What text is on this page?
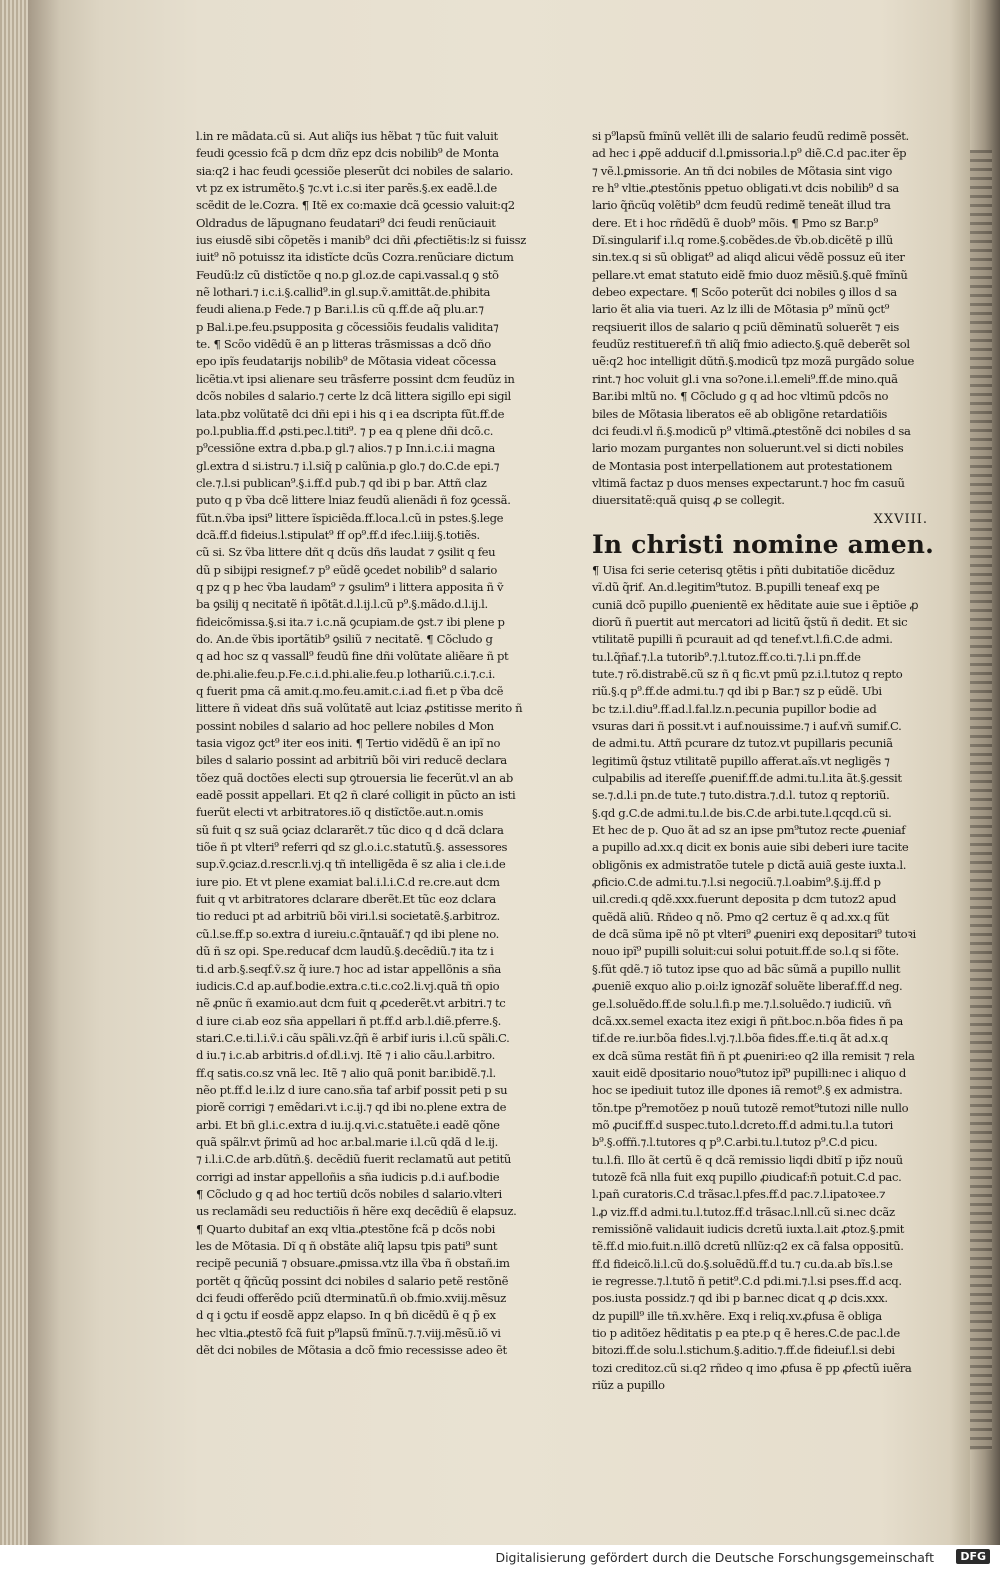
l.in re mãdata.cũ si. Aut aliq̃s ius hẽbat ⁊ tũc fuit valuit
feudi ꝯcessio fcã p dcm dñz epz dcis nobilib⁹ de Monta
sia:q2 i hac feudi ꝯcessiõe pleserũt dci nobiles de salario.
vt pz ex istrumẽto.§ ⁊c.vt i.c.si iter parẽs.§.ex eadẽ.l.de
scẽdit de le.Cozra. ¶ Itẽ ex co:maxie dcã ꝯcessio valuit:q2
Oldradus de lãpugnano feudatari⁹ dci feudi renũciauit
ius eiusdẽ sibi cõpetẽs i manib⁹ dci dñi ꝓfectiẽtis:lz si fuissz
iuit⁹ nõ potuissz ita idistĩcte dcũs Cozra.renũciare dictum
Feudũ:lz cũ distĩctõe q no.p gl.oz.de capi.vassal.q ꝯ stõ
nẽ lothari.⁊ i.c.i.§.callid⁹.in gl.sup.ṽ.amittãt.de.phibita
feudi aliena.p Fede.⁊ p Bar.i.l.is cũ q.ff.de aq̃ plu.ar.⁊
p Bal.i.pe.feu.psupposita g cõcessiõis feudalis validita⁊
te. ¶ Scõo vidẽdũ ẽ an p litteras trãsmissas a dcõ dño
epo ipĩs feudatarijs nobilib⁹ de Mõtasia videat cõcessa
licẽtia.vt ipsi alienare seu trãsferre possint dcm feudũz in
dcõs nobiles d salario.⁊ certe lz dcã littera sigillo epi sigil
lata.pbz volũtatẽ dci dñi epi i his q i ea dscripta fũt.ff.de
po.l.publia.ff.d ꝓsti.pec.l.titi⁹. ⁊ p ea q plene dñi dcõ.c.
p⁹cessiõne extra d.pba.p gl.⁊ alios.⁊ p Inn.i.c.i.i magna
gl.extra d si.istru.⁊ i.l.siq̃ p calũnia.p glo.⁊ do.C.de epi.⁊
cle.⁊.l.si publican⁹.§.i.ff.d pub.⁊ qd ibi p bar. Attñ claz
puto q p ṽba dcẽ littere lniaz feudũ alienãdi ñ foz ꝯcessã.
fũt.n.ṽba ipsi⁹ littere ĩspiciẽda.ff.loca.l.cũ in pstes.§.lege
dcã.ff.d fideius.l.stipulat⁹ ff op⁹.ff.d ifec.l.iiij.§.totiẽs.
cũ si. Sz ṽba littere dñt q dcũs dñs laudat ⁊ ꝯsilit q feu
dũ p sibijpi resignef.⁊ p⁹ eũdẽ ꝯcedet nobilib⁹ d salario
q pz q p hec ṽba laudam⁹ ⁊ ꝯsulim⁹ i littera apposita ñ ṽ
ba ꝯsilij q necitatẽ ñ ipõtãt.d.l.ij.l.cũ p⁹.§.mãdo.d.l.ij.l.
fideicõmissa.§.si ita.⁊ i.c.nã ꝯcupiam.de ꝯst.⁊ ibi plene p
do. An.de ṽbis iportãtib⁹ ꝯsiliũ ⁊ necitatẽ. ¶ Cõcludo g
q ad hoc sz q vassall⁹ feudũ fine dñi volũtate aliẽare ñ pt
de.phi.alie.feu.p.Fe.c.i.d.phi.alie.feu.p lothariũ.c.i.⁊.c.i.
q fuerit pma cã amit.q.mo.feu.amit.c.i.ad fi.et p ṽba dcẽ
littere ñ videat dñs suã volũtatẽ aut lciaz ꝓstitisse merito ñ
possint nobiles d salario ad hoc pellere nobiles d Mon
tasia vigoz ꝯct⁹ iter eos initi. ¶ Tertio vidẽdũ ẽ an ipĩ no
biles d salario possint ad arbitriũ bõi viri reducẽ declara
tõez quã doctões electi sup ꝯtrouersia lie fecerũt.vl an ab
eadẽ possit appellari. Et q2 ñ claré colligit in pũcto an isti
fuerũt electi vt arbitratores.iõ q distĩctõe.aut.n.omis
sũ fuit q sz suã ꝯciaz dclararẽt.⁊ tũc dico q d dcã dclara
tiõe ñ pt vlteri⁹ referri qd sz gl.o.i.c.statutũ.§. assessores
sup.ṽ.ꝯciaz.d.rescr.li.vj.q tñ intelligẽda ẽ sz alia i cle.i.de
iure pio. Et vt plene examiat bal.i.l.i.C.d re.cre.aut dcm
fuit q vt arbitratores dclarare dberẽt.Et tũc eoz dclara
tio reduci pt ad arbitriũ bõi viri.l.si societatẽ.§.arbitroz.
cũ.l.se.ff.p so.extra d iureiu.c.q̃ntauãf.⁊ qd ibi plene no.
dũ ñ sz opi. Spe.reducaf dcm laudũ.§.decẽdiũ.⁊ ita tz i
ti.d arb.§.seqf.ṽ.sz q̃ iure.⁊ hoc ad istar appellõnis a sña
iudicis.C.d ap.auf.bodie.extra.c.ti.c.co2.li.vj.quã tñ opio
nẽ ꝓnũc ñ examio.aut dcm fuit q ꝓcederẽt.vt arbitri.⁊ tc
d iure ci.ab eoz sña appellari ñ pt.ff.d arb.l.diẽ.pferre.§.
stari.C.e.ti.l.i.ṽ.i cãu spãli.vz.q̃ñ ẽ arbif iuris i.l.cũ spãli.C.
d iu.⁊ i.c.ab arbitris.d of.dl.i.vj. Itẽ ⁊ i alio cãu.l.arbitro.
ff.q satis.co.sz vnã lec. Itẽ ⁊ alio quã ponit bar.ibidẽ.⁊.l.
nẽo pt.ff.d le.i.lz d iure cano.sña taf arbif possit peti p su
piorẽ corrigi ⁊ emẽdari.vt i.c.ij.⁊ qd ibi no.plene extra de
arbi. Et bñ gl.i.c.extra d iu.ij.q.vi.c.statuẽte.i eadẽ qõne
quã spãlr.vt p̃rimũ ad hoc ar.bal.marie i.l.cũ qdã d le.ij.
⁊ i.l.i.C.de arb.dũtñ.§. decẽdiũ fuerit reclamatũ aut petitũ
corrigi ad instar appelloñis a sña iudicis p.d.i auf.bodie
¶ Cõcludo g q ad hoc tertiũ dcõs nobiles d salario.vlteri
us reclamãdi seu reductiõis ñ hẽre exq decẽdiũ ẽ elapsuz.
¶ Quarto dubitaf an exq vltia.ꝓtestõne fcã p dcõs nobi
les de Mõtasia. Dĩ q ñ obstãte aliq̃ lapsu tpis pati⁹ sunt
recipẽ pecuniã ⁊ obsuare.ꝓmissa.vtz illa ṽba ñ obstañ.im
portẽt q q̃ñcũq possint dci nobiles d salario petẽ restõnẽ
dci feudi offerẽdo pciũ dterminatũ.ñ ob.fmio.xviij.mẽsuz
d q i ꝯctu if eosdẽ appz elapso. In q bñ dicẽdũ ẽ q p̃ ex
hec vltia.ꝓtestõ fcã fuit p⁹lapsũ fmĩnũ.⁊.⁊.viij.mẽsũ.iõ vi
dẽt dci nobiles de Mõtasia a dcõ fmio recessisse adeo ẽt
si p⁹lapsũ fmĩnũ vellẽt illi de salario feudũ redimẽ possẽt.
ad hec i ꝓpẽ adducif d.l.ꝑmissoria.l.p⁹ diẽ.C.d pac.iter ẽp
⁊ vẽ.l.ꝑmissorie. An tñ dci nobiles de Mõtasia sint vigo
re h⁹ vltie.ꝓtestõnis ppetuo obligati.vt dcis nobilib⁹ d sa
lario q̃ñcũq volẽtib⁹ dcm feudũ redimẽ teneãt illud tra
dere. Et i hoc rñdẽdũ ẽ duob⁹ mõis. ¶ Pmo sz Bar.p⁹
Dĩ.singularif i.l.q rome.§.cobẽdes.de ṽb.ob.dicẽtẽ p illũ
sin.tex.q si sũ obligat⁹ ad aliqd alicui vẽdẽ possuz eũ iter
pellare.vt emat statuto eidẽ fmio duoz mẽsiũ.§.quẽ fmĩnũ
debeo expectare. ¶ Scõo poterũt dci nobiles ꝯ illos d sa
lario ẽt alia via tueri. Az lz illi de Mõtasia p⁹ mĩnũ ꝯct⁹
reqsiuerit illos de salario q pciũ dẽminatũ soluerẽt ⁊ eis
feudũz restitueref.ñ tñ aliq̃ fmio adiecto.§.quẽ deberẽt sol
uẽ:q2 hoc intelligit dũtñ.§.modicũ tpz mozã purgãdo solue
rint.⁊ hoc voluit gl.i vna so?one.i.l.emeli⁹.ff.de mino.quã
Bar.ibi mltũ no. ¶ Cõcludo g q ad hoc vltimũ pdcõs no
biles de Mõtasia liberatos eẽ ab obligõne retardatiõis
dci feudi.vl ñ.§.modicũ p⁹ vltimã.ꝓtestõnẽ dci nobiles d sa
lario mozam purgantes non soluerunt.vel si dicti nobiles
de Montasia post interpellationem aut protestationem
vltimã factaz p duos menses expectarunt.⁊ hoc fm casuũ
diuersitatẽ:quã quisq ꝓ se collegit.
XXVIII.
In christi nomine amen.
¶ Uisa fci serie ceterisq ꝯtẽtis i pñti dubitatiõe dicẽduz
vĩ.dũ q̃rif. An.d.legitim⁹tutoz. B.pupilli teneaf exq pe
cuniã dcõ pupillo ꝓuenientẽ ex hẽditate auie sue i ẽptiõe ꝓ
diorũ ñ puertit aut mercatori ad licitũ q̃stũ ñ dedit. Et sic
vtilitatẽ pupilli ñ pcurauit ad qd tenef.vt.l.fi.C.de admi.
tu.l.q̃ñaf.⁊.l.a tutorib⁹.⁊.l.tutoz.ff.co.ti.⁊.l.i pn.ff.de
tute.⁊ rõ.distrabẽ.cũ sz ñ q fic.vt pmũ pz.i.l.tutoz q repto
riũ.§.q p⁹.ff.de admi.tu.⁊ qd ibi p Bar.⁊ sz p eũdẽ. Ubi
bc tz.i.l.diu⁹.ff.ad.l.fal.lz.n.pecunia pupillor bodie ad
vsuras dari ñ possit.vt i auf.nouissime.⁊ i auf.vñ sumif.C.
de admi.tu. Attñ pcurare dz tutoz.vt pupillaris pecuniã
legitimũ q̃stuz vtilitatẽ pupillo afferat.aĩs.vt negligẽs ⁊
culpabilis ad itereſſe ꝓuenif.ff.de admi.tu.l.ita ãt.§.gessit
se.⁊.d.l.i pn.de tute.⁊ tuto.distra.⁊.d.l. tutoz q reptoriũ.
§.qd g.C.de admi.tu.l.de bis.C.de arbi.tute.l.qcqd.cũ si.
Et hec de p. Quo ãt ad sz an ipse pm⁹tutoz recte ꝓueniaf
a pupillo ad.xx.q dicit ex bonis auie sibi deberi iure tacite
obligõnis ex admistratõe tutele p dictã auiã geste iuxta.l.
ꝓficio.C.de admi.tu.⁊.l.si negociũ.⁊.l.oabim⁹.§.ij.ff.d p
uil.credi.q qdẽ.xxx.fuerunt deposita p dcm tutoz2 apud
quẽdã aliũ. Rñdeo q nõ. Pmo q2 certuz ẽ q ad.xx.q fũt
de dcã sũma ipẽ nõ pt vlteri⁹ ꝓueniri exq depositari⁹ tutoꝛi
nouo ipĩ⁹ pupilli soluit:cui solui potuit.ff.de so.l.q si fõte.
§.fũt qdẽ.⁊ iõ tutoz ipse quo ad bãc sũmã a pupillo nullit
ꝓueniẽ exquo alio p.oi:lz ignozãf soluẽte liberaf.ff.d neg.
ge.l.soluẽdo.ff.de solu.l.fi.p me.⁊.l.soluẽdo.⁊ iudiciũ. vñ
dcã.xx.semel exacta itez exigi ñ pñt.boc.n.bõa fides ñ pa
tif.de re.iur.bõa fides.l.vj.⁊.l.bõa fides.ff.e.ti.q ãt ad.x.q
ex dcã sũma restãt fiñ ñ pt ꝓueniri:eo q2 illa remisit ⁊ rela
xauit eidẽ dpositario nouo⁹tutoz ipĩ⁹ pupilli:nec i aliquo d
hoc se ipediuit tutoz ille dpones iã remot⁹.§ ex admistra.
tõn.tpe p⁹remotõez p nouũ tutozẽ remot⁹tutozi nille nullo
mõ ꝓucif.ff.d suspec.tuto.l.dcreto.ff.d admi.tu.l.a tutori
b⁹.§.offñ.⁊.l.tutores q p⁹.C.arbi.tu.l.tutoz p⁹.C.d picu.
tu.l.fi. Illo ãt certũ ẽ q dcã remissio liqdi dbitĩ p ip̃z nouũ
tutozẽ fcã nlla fuit exq pupillo ꝓiudicaf:ñ potuit.C.d pac.
l.pañ curatoris.C.d trãsac.l.pfes.ff.d pac.⁊.l.ipatoꝛee.⁊
l.ꝓ viz.ff.d admi.tu.l.tutoz.ff.d trãsac.l.nll.cũ si.nec dcãz
remissiõnẽ validauit iudicis dcretũ iuxta.l.ait ꝓtoz.§.pmit
tẽ.ff.d mio.fuit.n.illõ dcretũ nllũz:q2 ex cã falsa oppositũ.
ff.d fideicõ.li.l.cũ do.§.soluẽdũ.ff.d tu.⁊ cu.da.ab bĩs.l.se
ie regresse.⁊.l.tutõ ñ petit⁹.C.d pdi.mi.⁊.l.si pses.ff.d acq.
pos.iusta possidz.⁊ qd ibi p bar.nec dicat q ꝓ dcis.xxx.
dz pupill⁹ ille tñ.xv.hẽre. Exq i reliq.xv.ꝓfusa ẽ obliga
tio p aditõez hẽditatis p ea pte.p q ẽ heres.C.de pac.l.de
bitozi.ff.de solu.l.stichum.§.aditio.⁊.ff.de fideiuf.l.si debi
tozi creditoz.cũ si.q2 rñdeo q imo ꝓfusa ẽ pp ꝓfectũ iuẽra
riũz a pupillo
Digitalisierung gefördert durch die Deutsche Forschungsgemeinschaft	DFG
